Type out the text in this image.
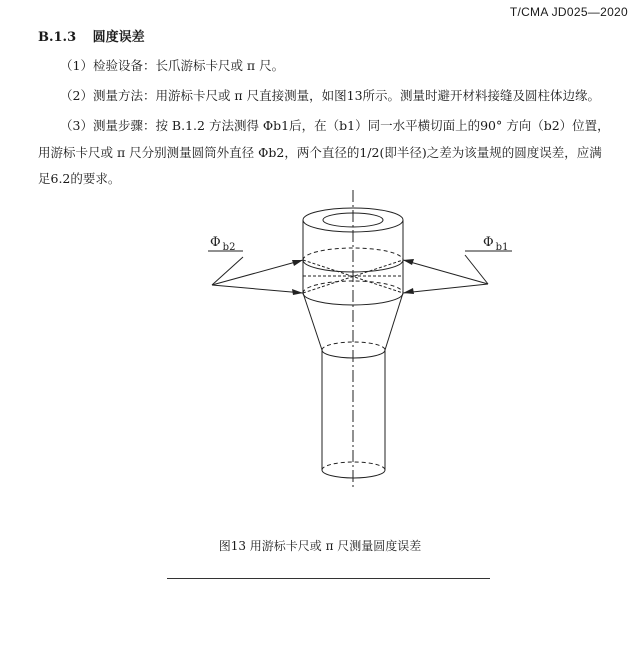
T/CMA JD025—2020
B.1.3 圆度误差
（1）检验设备：长爪游标卡尺或 π 尺。
（2）测量方法：用游标卡尺或 π 尺直接测量，如图13所示。测量时避开材料接缝及圆柱体边缘。
（3）测量步骤：按 B.1.2 方法测得 Φb1后，在（b1）同一水平横切面上的90° 方向（b2）位置，
用游标卡尺或 π 尺分别测量圆筒外直径 Φb2，两个直径的1/2(即半径)之差为该量规的圆度误差，应满
足6.2的要求。
Φ $_{b2}$	Φ $_{b1}$
图13 用游标卡尺或 π 尺测量圆度误差
